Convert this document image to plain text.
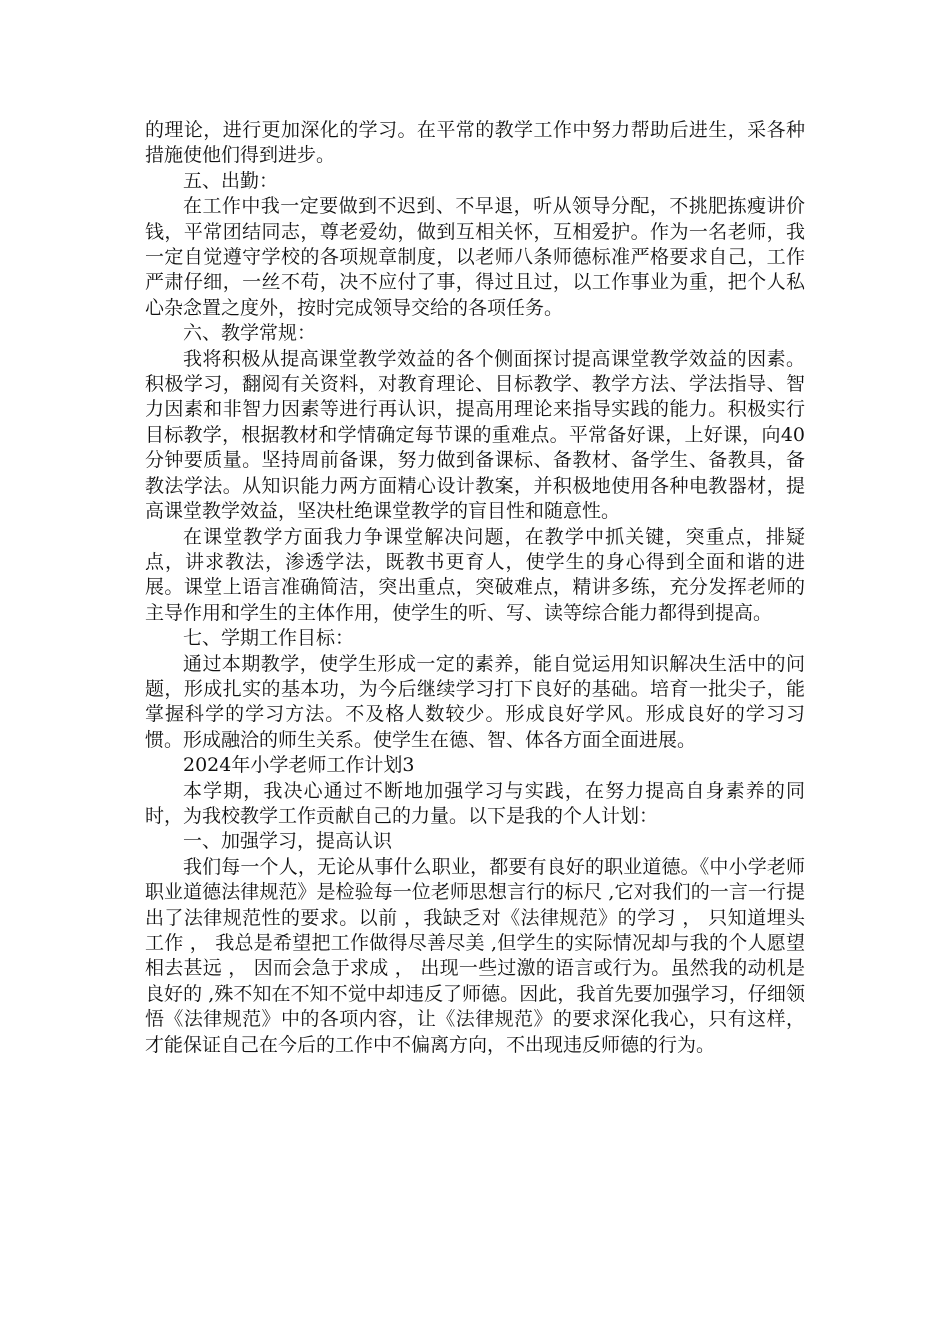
的理论，进行更加深化的学习。在平常的教学工作中努力帮助后进生，采各种措施使他们得到进步。

五、出勤：

在工作中我一定要做到不迟到、不早退，听从领导分配，不挑肥拣瘦讲价钱，平常团结同志，尊老爱幼，做到互相关怀，互相爱护。作为一名老师，我一定自觉遵守学校的各项规章制度，以老师八条师德标准严格要求自己，工作严肃仔细，一丝不苟，决不应付了事，得过且过，以工作事业为重，把个人私心杂念置之度外，按时完成领导交给的各项任务。

六、教学常规：

我将积极从提高课堂教学效益的各个侧面探讨提高课堂教学效益的因素。积极学习，翻阅有关资料，对教育理论、目标教学、教学方法、学法指导、智力因素和非智力因素等进行再认识，提高用理论来指导实践的能力。积极实行目标教学，根据教材和学情确定每节课的重难点。平常备好课，上好课，向40分钟要质量。坚持周前备课，努力做到备课标、备教材、备学生、备教具，备教法学法。从知识能力两方面精心设计教案，并积极地使用各种电教器材，提高课堂教学效益，坚决杜绝课堂教学的盲目性和随意性。

在课堂教学方面我力争课堂解决问题，在教学中抓关键，突重点，排疑点，讲求教法，渗透学法，既教书更育人，使学生的身心得到全面和谐的进展。课堂上语言准确简洁，突出重点，突破难点，精讲多练，充分发挥老师的主导作用和学生的主体作用，使学生的听、写、读等综合能力都得到提高。

七、学期工作目标：

通过本期教学，使学生形成一定的素养，能自觉运用知识解决生活中的问题，形成扎实的基本功，为今后继续学习打下良好的基础。培育一批尖子，能掌握科学的学习方法。不及格人数较少。形成良好学风。形成良好的学习习惯。形成融洽的师生关系。使学生在德、智、体各方面全面进展。

2024年小学老师工作计划3

本学期，我决心通过不断地加强学习与实践，在努力提高自身素养的同时，为我校教学工作贡献自己的力量。以下是我的个人计划：

一、加强学习，提高认识

我们每一个人，无论从事什么职业，都要有良好的职业道德。《中小学老师职业道德法律规范》是检验每一位老师思想言行的标尺 ,它对我们的一言一行提出了法律规范性的要求。以前 ，我缺乏对《法律规范》的学习 ， 只知道埋头工作 ， 我总是希望把工作做得尽善尽美 ,但学生的实际情况却与我的个人愿望相去甚远 ， 因而会急于求成 ， 出现一些过激的语言或行为。虽然我的动机是良好的 ,殊不知在不知不觉中却违反了师德。因此，我首先要加强学习，仔细领悟《法律规范》中的各项内容，让《法律规范》的要求深化我心，只有这样，才能保证自己在今后的工作中不偏离方向，不出现违反师德的行为。
